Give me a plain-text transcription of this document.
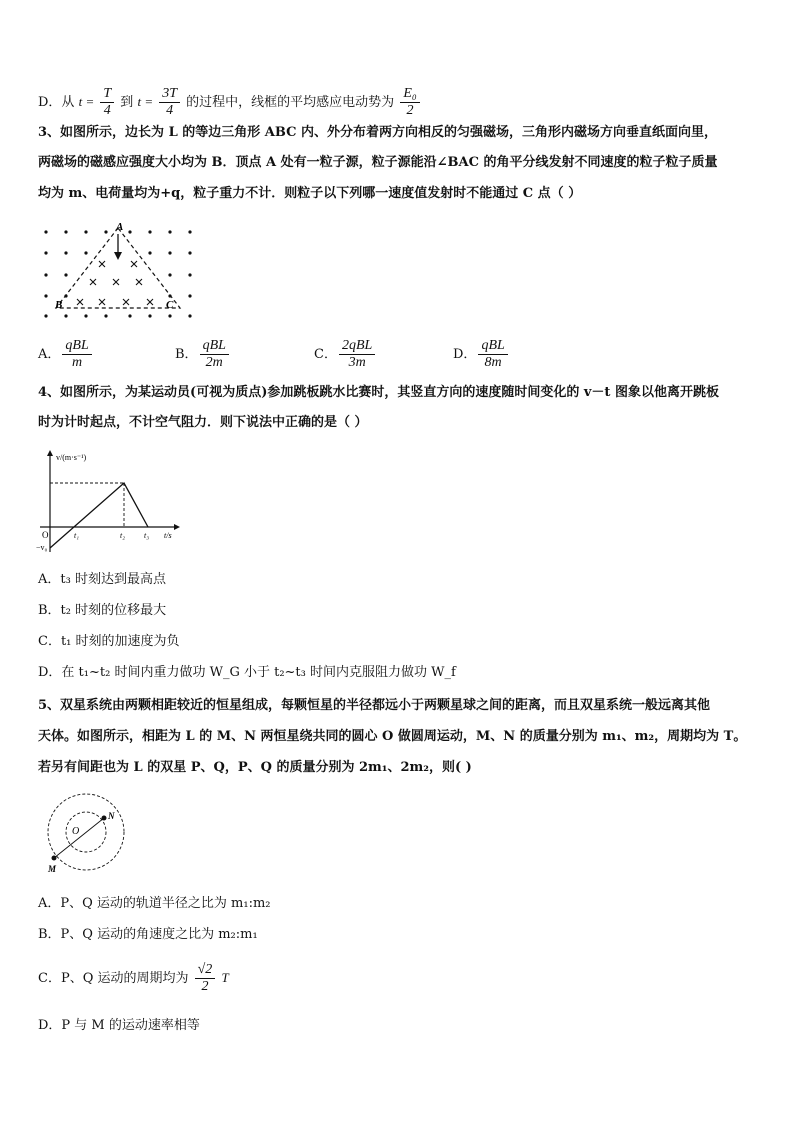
D．从 $t = \frac{T}{4}$ 到 $t = \frac{3T}{4}$ 的过程中，线框的平均感应电动势为 $\frac{\text{E₀}}{2}$
3、如图所示，边长为 L 的等边三角形 ABC 内、外分布着两方向相反的匀强磁场，三角形内磁场方向垂直纸面向里，
两磁场的磁感应强度大小均为 B．顶点 A 处有一粒子源，粒子源能沿∠BAC 的角平分线发射不同速度的粒子粒子质量
均为 m、电荷量均为+q，粒子重力不计．则粒子以下列哪一速度值发射时不能通过 C 点（ ）
A
B	C
A． $\frac{\text{qBL}}{m}$	B． $\frac{\text{qBL}}{2m}$	C． $\frac{\text{2qBL}}{3m}$	D． $\frac{\text{qBL}}{8m}$
4、如图所示，为某运动员(可视为质点)参加跳板跳水比赛时，其竖直方向的速度随时间变化的 v－t 图象以他离开跳板
时为计时起点，不计空气阻力．则下说法中正确的是（ ）
v/(m·s⁻¹)
t/s
O
−v₀
t₁	t₂ t₃
A．t₃ 时刻达到最高点
B．t₂ 时刻的位移最大
C．t₁ 时刻的加速度为负
D．在 t₁~t₂ 时间内重力做功 W_G 小于 t₂~t₃ 时间内克服阻力做功 W_f
5、双星系统由两颗相距较近的恒星组成，每颗恒星的半径都远小于两颗星球之间的距离，而且双星系统一般远离其他
天体。如图所示，相距为 L 的 M、N 两恒星绕共同的圆心 O 做圆周运动，M、N 的质量分别为 m₁、m₂，周期均为 T。
若另有间距也为 L 的双星 P、Q，P、Q 的质量分别为 2m₁、2m₂，则( )
O
N
M
A．P、Q 运动的轨道半径之比为 m₁:m₂
B．P、Q 运动的角速度之比为 m₂:m₁
C．P、Q 运动的周期均为 $\frac{√2}{2}$ T
D．P 与 M 的运动速率相等
